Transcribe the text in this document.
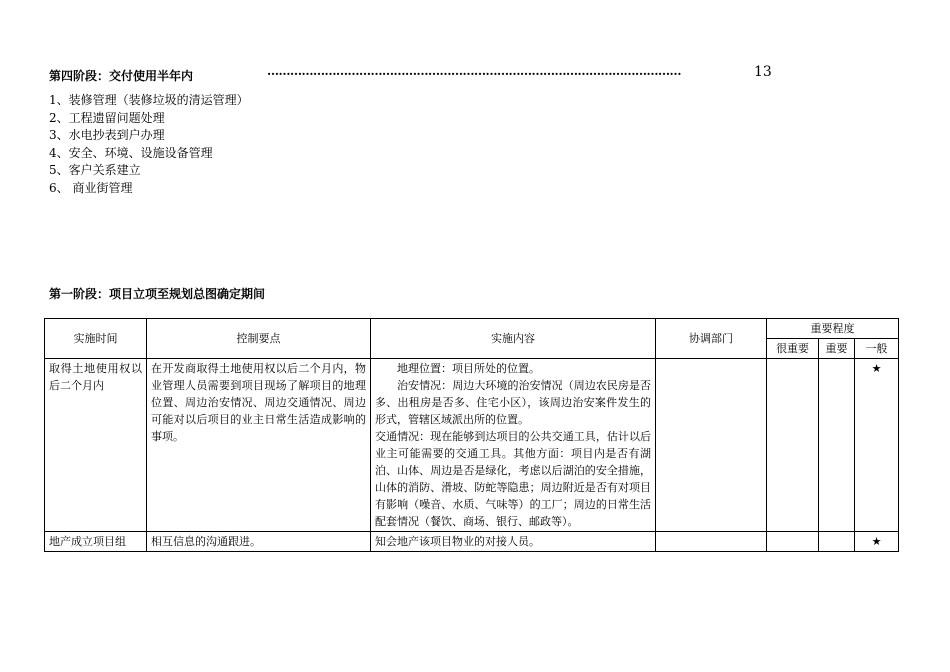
第四阶段：交付使用半年内	………………………………………………………………………………………………	13
1、装修管理（装修垃圾的清运管理）
2、工程遗留问题处理
3、水电抄表到户办理
4、安全、环境、设施设备管理
5、客户关系建立
6、 商业街管理
第一阶段：项目立项至规划总图确定期间
实施时间	控制要点	实施内容	协调部门	重要程度		
				很重要	重要	一般
取得土地使用权以后二个月内	在开发商取得土地使用权以后二个月内，物业管理人员需要到项目现场了解项目的地理位置、周边治安情况、周边交通情况、周边可能对以后项目的业主日常生活造成影响的事项。	地理位置：项目所处的位置。

治安情况：周边大环境的治安情况（周边农民房是否多、出租房是否多、住宅小区），该周边治安案件发生的形式，管辖区域派出所的位置。

交通情况：现在能够到达项目的公共交通工具，估计以后业主可能需要的交通工具。其他方面：项目内是否有湖泊、山体、周边是否是绿化，考虑以后湖泊的安全措施，山体的消防、滑坡、防蛇等隐患；周边附近是否有对项目有影响（噪音、水质、气味等）的工厂；周边的日常生活配套情况（餐饮、商场、银行、邮政等）。				★
地产成立项目组	相互信息的沟通跟进。	知会地产该项目物业的对接人员。				★
